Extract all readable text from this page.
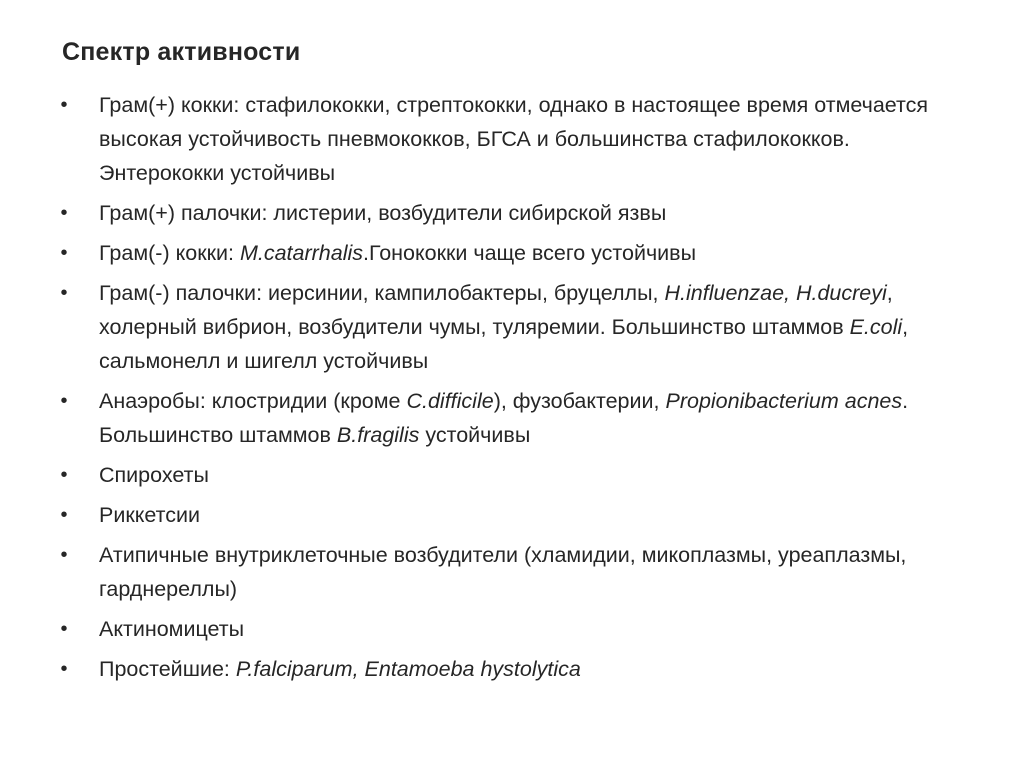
Спектр активности
• Грам(+) кокки: стафилококки, стрептококки, однако в настоящее время отмечается высокая устойчивость пневмококков, БГСА и большинства стафилококков. Энтерококки устойчивы
• Грам(+) палочки: листерии, возбудители сибирской язвы
• Грам(-) кокки: M.catarrhalis.Гонококки чаще всего устойчивы
• Грам(-) палочки: иерсинии, кампилобактеры, бруцеллы, H.influenzae, H.ducreyi, холерный вибрион, возбудители чумы, туляремии. Большинство штаммов E.coli, сальмонелл и шигелл устойчивы
• Анаэробы: клостридии (кроме C.difficile), фузобактерии, Propionibacterium acnes. Большинство штаммов B.fragilis устойчивы
• Спирохеты
• Риккетсии
• Атипичные внутриклеточные возбудители (хламидии, микоплазмы, уреаплазмы, гарднереллы)
• Актиномицеты
• Простейшие: P.falciparum, Entamoeba hystolytica
